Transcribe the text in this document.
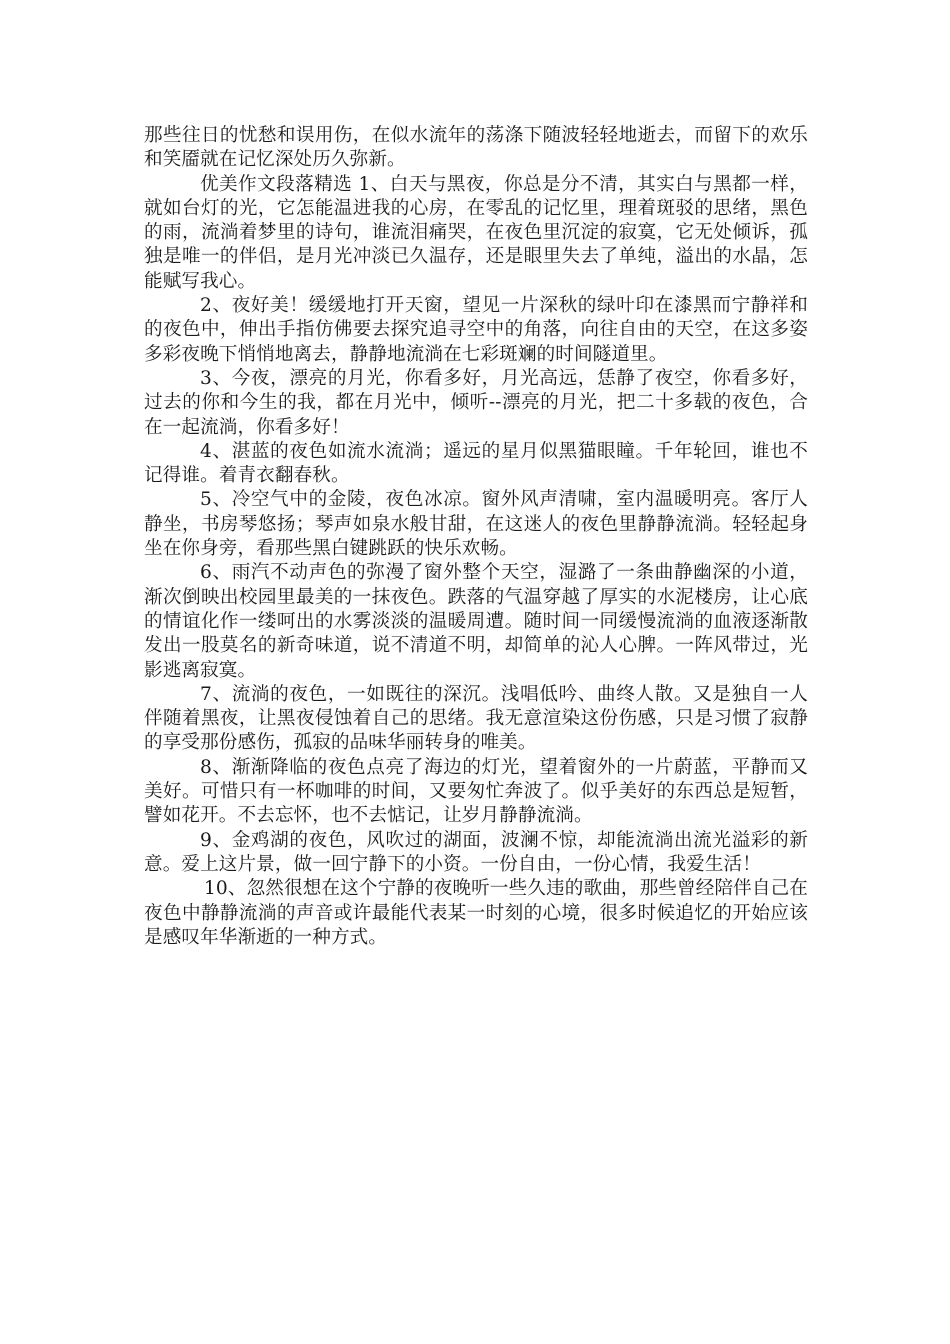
那些往日的忧愁和误用伤，在似水流年的荡涤下随波轻轻地逝去，而留下的欢乐和笑靥就在记忆深处历久弥新。

优美作文段落精选 1、白天与黑夜，你总是分不清，其实白与黑都一样，就如台灯的光，它怎能温进我的心房，在零乱的记忆里，理着斑驳的思绪，黑色的雨，流淌着梦里的诗句，谁流泪痛哭，在夜色里沉淀的寂寞，它无处倾诉，孤独是唯一的伴侣，是月光冲淡已久温存，还是眼里失去了单纯，溢出的水晶，怎能赋写我心。

2、夜好美！缓缓地打开天窗，望见一片深秋的绿叶印在漆黑而宁静祥和的夜色中，伸出手指仿佛要去探究追寻空中的角落，向往自由的天空，在这多姿多彩夜晚下悄悄地离去，静静地流淌在七彩斑斓的时间隧道里。

3、今夜，漂亮的月光，你看多好，月光高远，恁静了夜空，你看多好，过去的你和今生的我，都在月光中，倾听--漂亮的月光，把二十多载的夜色，合在一起流淌，你看多好！

4、湛蓝的夜色如流水流淌；遥远的星月似黑猫眼瞳。千年轮回，谁也不记得谁。着青衣翻春秋。

5、冷空气中的金陵，夜色冰凉。窗外风声清啸，室内温暖明亮。客厅人静坐，书房琴悠扬；琴声如泉水般甘甜，在这迷人的夜色里静静流淌。轻轻起身坐在你身旁，看那些黑白键跳跃的快乐欢畅。

6、雨汽不动声色的弥漫了窗外整个天空，湿潞了一条曲静幽深的小道，渐次倒映出校园里最美的一抹夜色。跌落的气温穿越了厚实的水泥楼房，让心底的情谊化作一缕呵出的水雾淡淡的温暖周遭。随时间一同缓慢流淌的血液逐渐散发出一股莫名的新奇味道，说不清道不明，却简单的沁人心脾。一阵风带过，光影逃离寂寞。

7、流淌的夜色，一如既往的深沉。浅唱低吟、曲终人散。又是独自一人伴随着黑夜，让黑夜侵蚀着自己的思绪。我无意渲染这份伤感，只是习惯了寂静的享受那份感伤，孤寂的品味华丽转身的唯美。

8、渐渐降临的夜色点亮了海边的灯光，望着窗外的一片蔚蓝，平静而又美好。可惜只有一杯咖啡的时间，又要匆忙奔波了。似乎美好的东西总是短暂，譬如花开。不去忘怀，也不去惦记，让岁月静静流淌。

9、金鸡湖的夜色，风吹过的湖面，波澜不惊，却能流淌出流光溢彩的新意。爱上这片景，做一回宁静下的小资。一份自由，一份心情，我爱生活！

10、忽然很想在这个宁静的夜晚听一些久违的歌曲，那些曾经陪伴自己在夜色中静静流淌的声音或许最能代表某一时刻的心境，很多时候追忆的开始应该是感叹年华渐逝的一种方式。
